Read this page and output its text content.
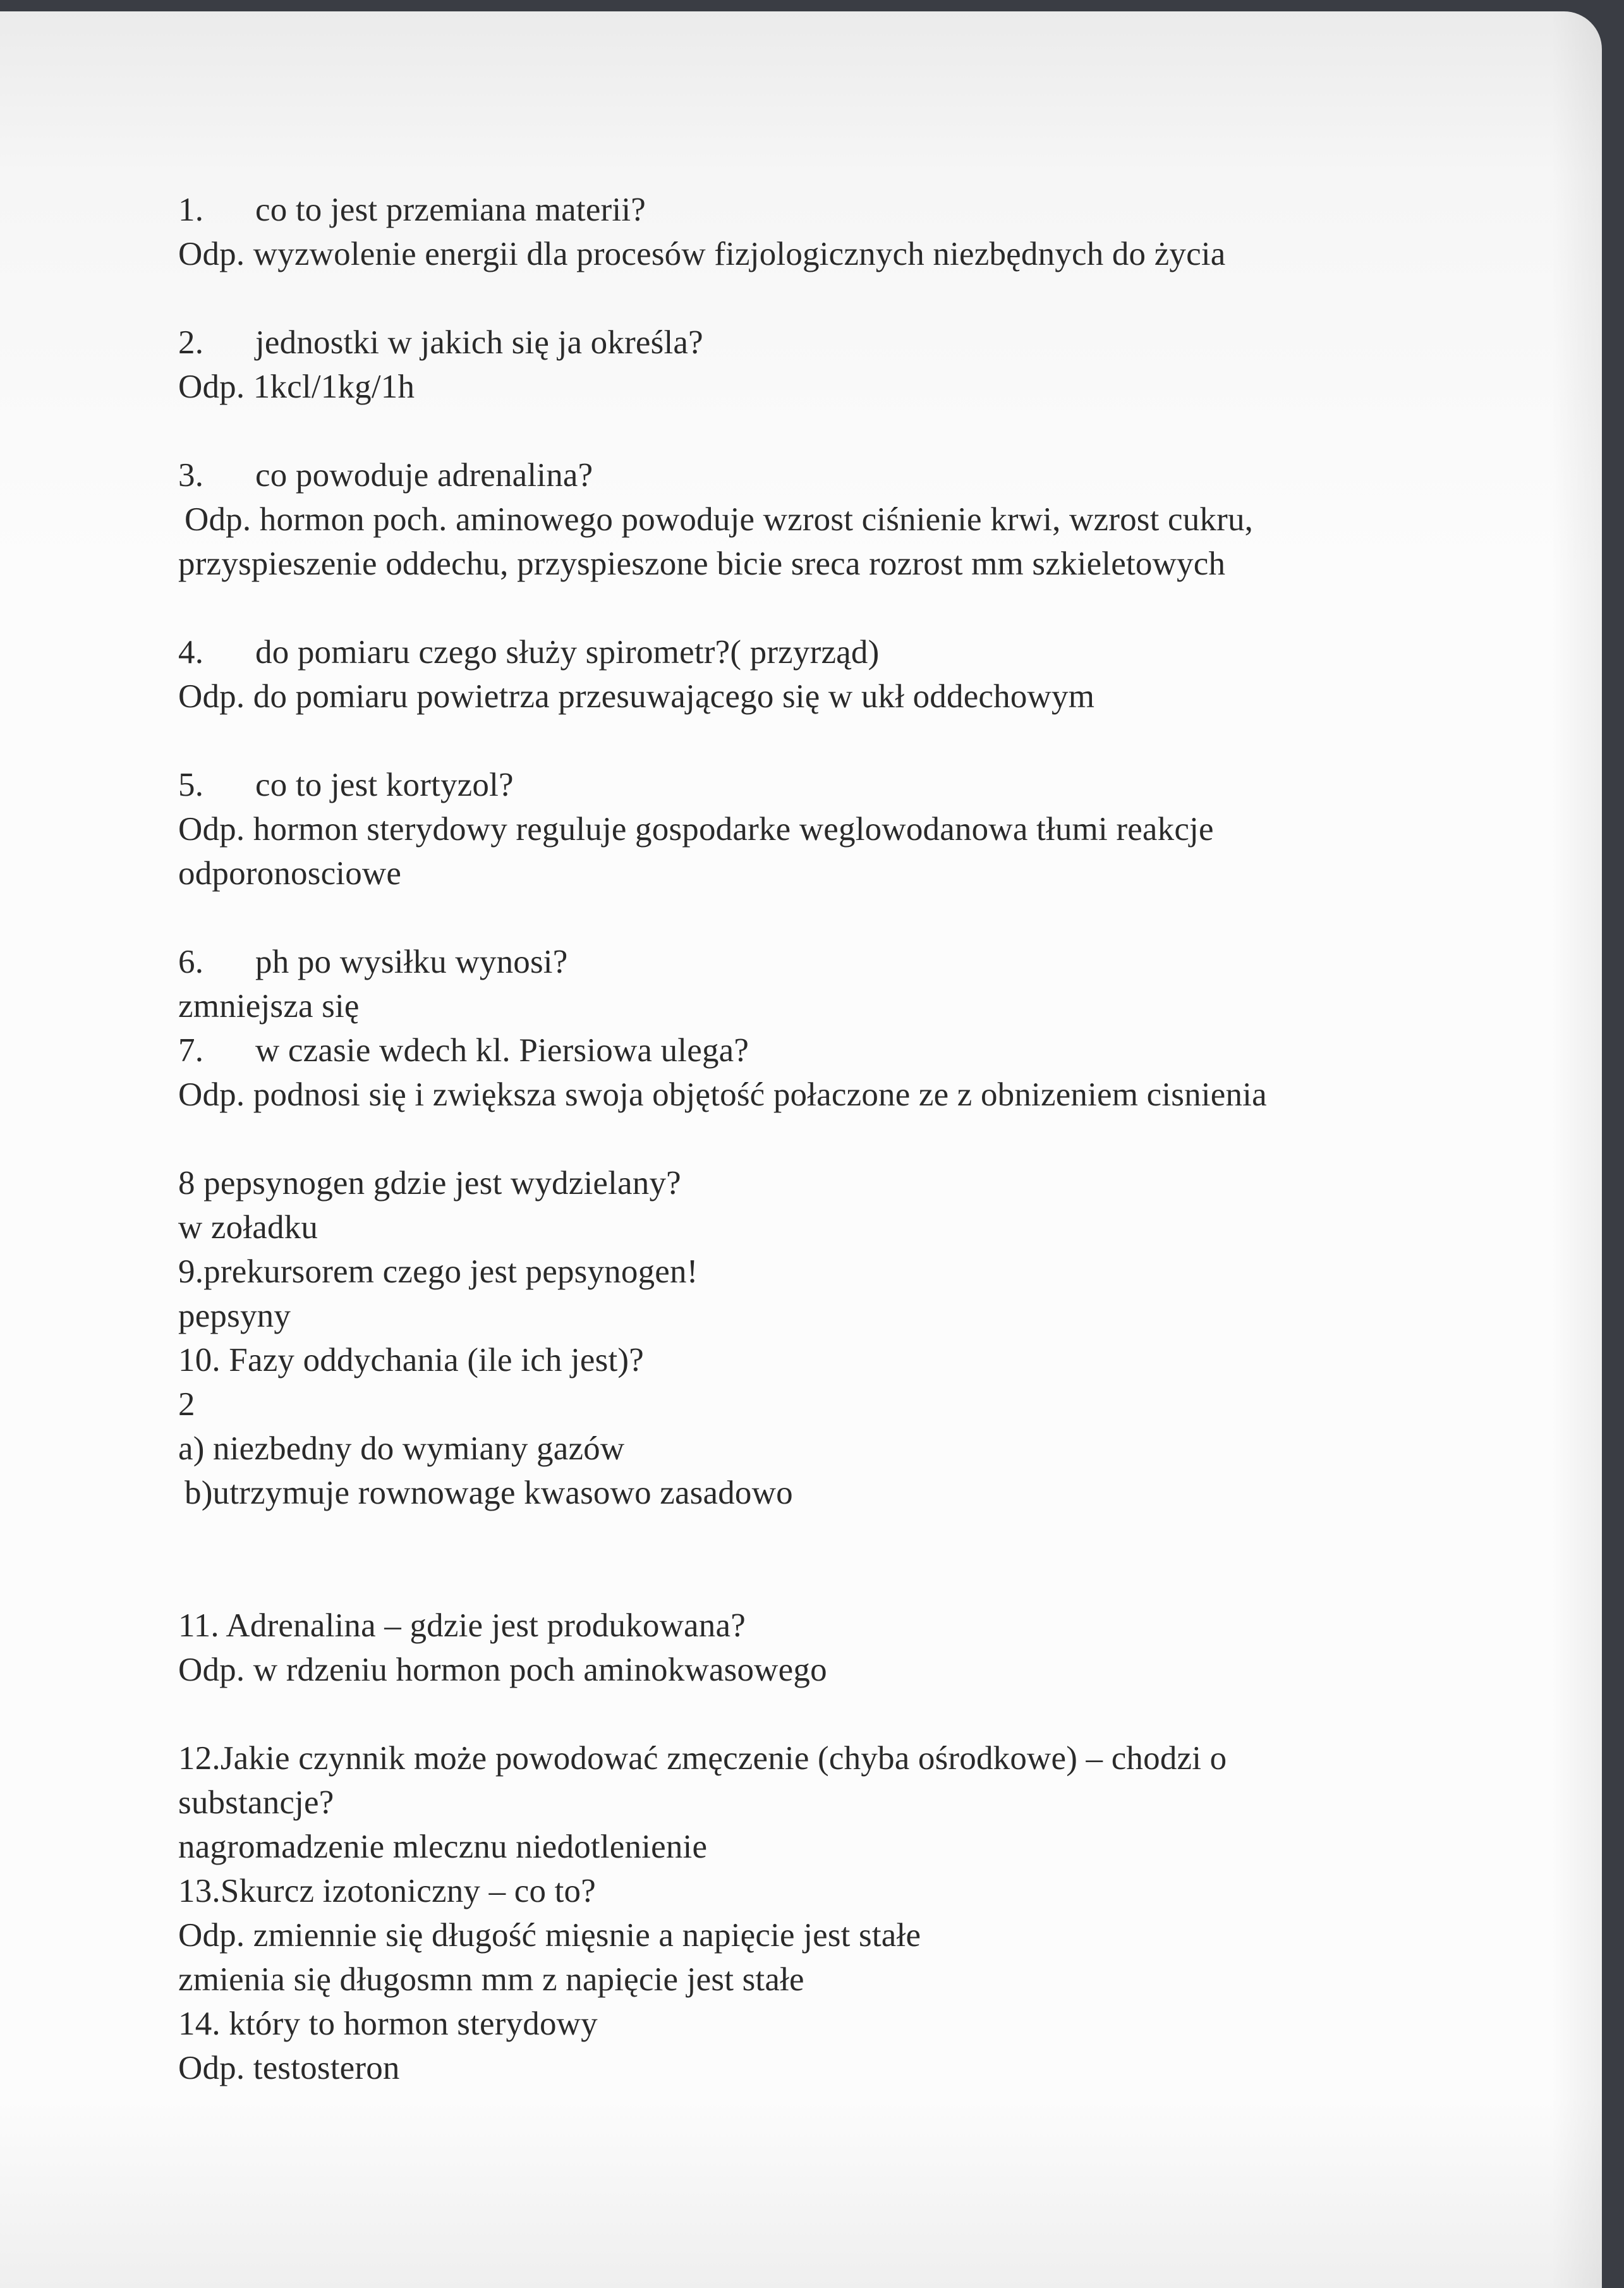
1. co to jest przemiana materii?

Odp. wyzwolenie energii dla procesów fizjologicznych niezbędnych do życia

2. jednostki w jakich się ja określa?

Odp. 1kcl/1kg/1h

3. co powoduje adrenalina?

Odp. hormon poch. aminowego powoduje wzrost ciśnienie krwi, wzrost cukru,

przyspieszenie oddechu, przyspieszone bicie sreca rozrost mm szkieletowych

4. do pomiaru czego służy spirometr?( przyrząd)

Odp. do pomiaru powietrza przesuwającego się w ukł oddechowym

5. co to jest kortyzol?

Odp. hormon sterydowy reguluje gospodarke weglowodanowa tłumi reakcje

odporonosciowe

6. ph po wysiłku wynosi?

zmniejsza się

7. w czasie wdech kl. Piersiowa ulega?

Odp. podnosi się i zwiększa swoja objętość połaczone ze z obnizeniem cisnienia

8 pepsynogen gdzie jest wydzielany?

w zoładku

9.prekursorem czego jest pepsynogen!

pepsyny

10. Fazy oddychania (ile ich jest)?

2

a) niezbedny do wymiany gazów

b)utrzymuje rownowage kwasowo zasadowo

11. Adrenalina – gdzie jest produkowana?

Odp. w rdzeniu hormon poch aminokwasowego

12.Jakie czynnik może powodować zmęczenie (chyba ośrodkowe) – chodzi o

substancje?

nagromadzenie mlecznu niedotlenienie

13.Skurcz izotoniczny – co to?

Odp. zmiennie się długość mięsnie a napięcie jest stałe

zmienia się długosmn mm z napięcie jest stałe

14. który to hormon sterydowy

Odp. testosteron
